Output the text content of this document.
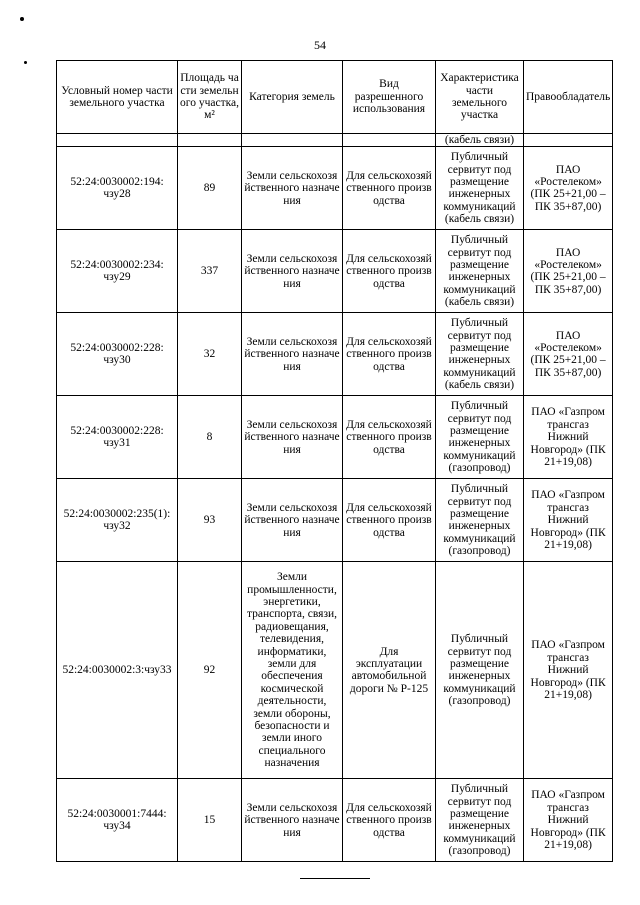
54
Условный номер части земельного участка	Площадь части земельного участка, м²	Категория земель	Вид разрешенного использования	Характеристика части земельного участка	Правообладатель
				(кабель связи)	
52:24:0030002:194: чзу28	89	Земли сельскохозяйственного назначения	Для сельскохозяйственного производства	Публичный сервитут под размещение инженерных коммуникаций (кабель связи)	ПАО «Ростелеком» (ПК 25+21,00 – ПК 35+87,00)
52:24:0030002:234: чзу29	337	Земли сельскохозяйственного назначения	Для сельскохозяйственного производства	Публичный сервитут под размещение инженерных коммуникаций (кабель связи)	ПАО «Ростелеком» (ПК 25+21,00 – ПК 35+87,00)
52:24:0030002:228: чзу30	32	Земли сельскохозяйственного назначения	Для сельскохозяйственного производства	Публичный сервитут под размещение инженерных коммуникаций (кабель связи)	ПАО «Ростелеком» (ПК 25+21,00 – ПК 35+87,00)
52:24:0030002:228: чзу31	8	Земли сельскохозяйственного назначения	Для сельскохозяйственного производства	Публичный сервитут под размещение инженерных коммуникаций (газопровод)	ПАО «Газпром трансгаз Нижний Новгород» (ПК 21+19,08)
52:24:0030002:235(1): чзу32	93	Земли сельскохозяйственного назначения	Для сельскохозяйственного производства	Публичный сервитут под размещение инженерных коммуникаций (газопровод)	ПАО «Газпром трансгаз Нижний Новгород» (ПК 21+19,08)
52:24:0030002:3:чзу33	92	Земли промышленности, энергетики, транспорта, связи, радиовещания, телевидения, информатики, земли для обеспечения космической деятельности, земли обороны, безопасности и земли иного специального назначения	Для эксплуатации автомобильной дороги № Р-125	Публичный сервитут под размещение инженерных коммуникаций (газопровод)	ПАО «Газпром трансгаз Нижний Новгород» (ПК 21+19,08)
52:24:0030001:7444: чзу34	15	Земли сельскохозяйственного назначения	Для сельскохозяйственного производства	Публичный сервитут под размещение инженерных коммуникаций (газопровод)	ПАО «Газпром трансгаз Нижний Новгород» (ПК 21+19,08)
